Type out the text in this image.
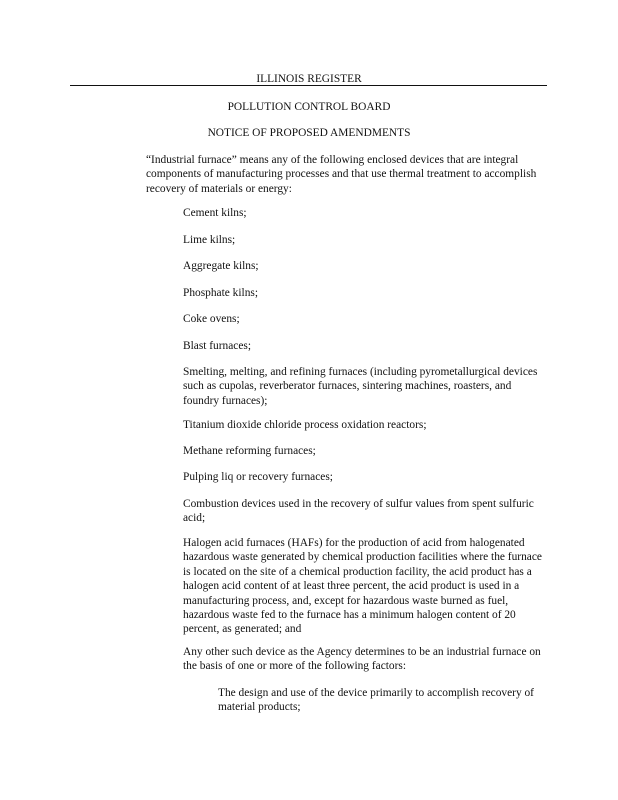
ILLINOIS REGISTER
POLLUTION CONTROL BOARD
NOTICE OF PROPOSED AMENDMENTS
“Industrial furnace” means any of the following enclosed devices that are integral components of manufacturing processes and that use thermal treatment to accomplish recovery of materials or energy:
Cement kilns;
Lime kilns;
Aggregate kilns;
Phosphate kilns;
Coke ovens;
Blast furnaces;
Smelting, melting, and refining furnaces (including pyrometallurgical devices such as cupolas, reverberator furnaces, sintering machines, roasters, and foundry furnaces);
Titanium dioxide chloride process oxidation reactors;
Methane reforming furnaces;
Pulping liq or recovery furnaces;
Combustion devices used in the recovery of sulfur values from spent sulfuric acid;
Halogen acid furnaces (HAFs) for the production of acid from halogenated hazardous waste generated by chemical production facilities where the furnace is located on the site of a chemical production facility, the acid product has a halogen acid content of at least three percent, the acid product is used in a manufacturing process, and, except for hazardous waste burned as fuel, hazardous waste fed to the furnace has a minimum halogen content of 20 percent, as generated; and
Any other such device as the Agency determines to be an industrial furnace on the basis of one or more of the following factors:
The design and use of the device primarily to accomplish recovery of material products;
